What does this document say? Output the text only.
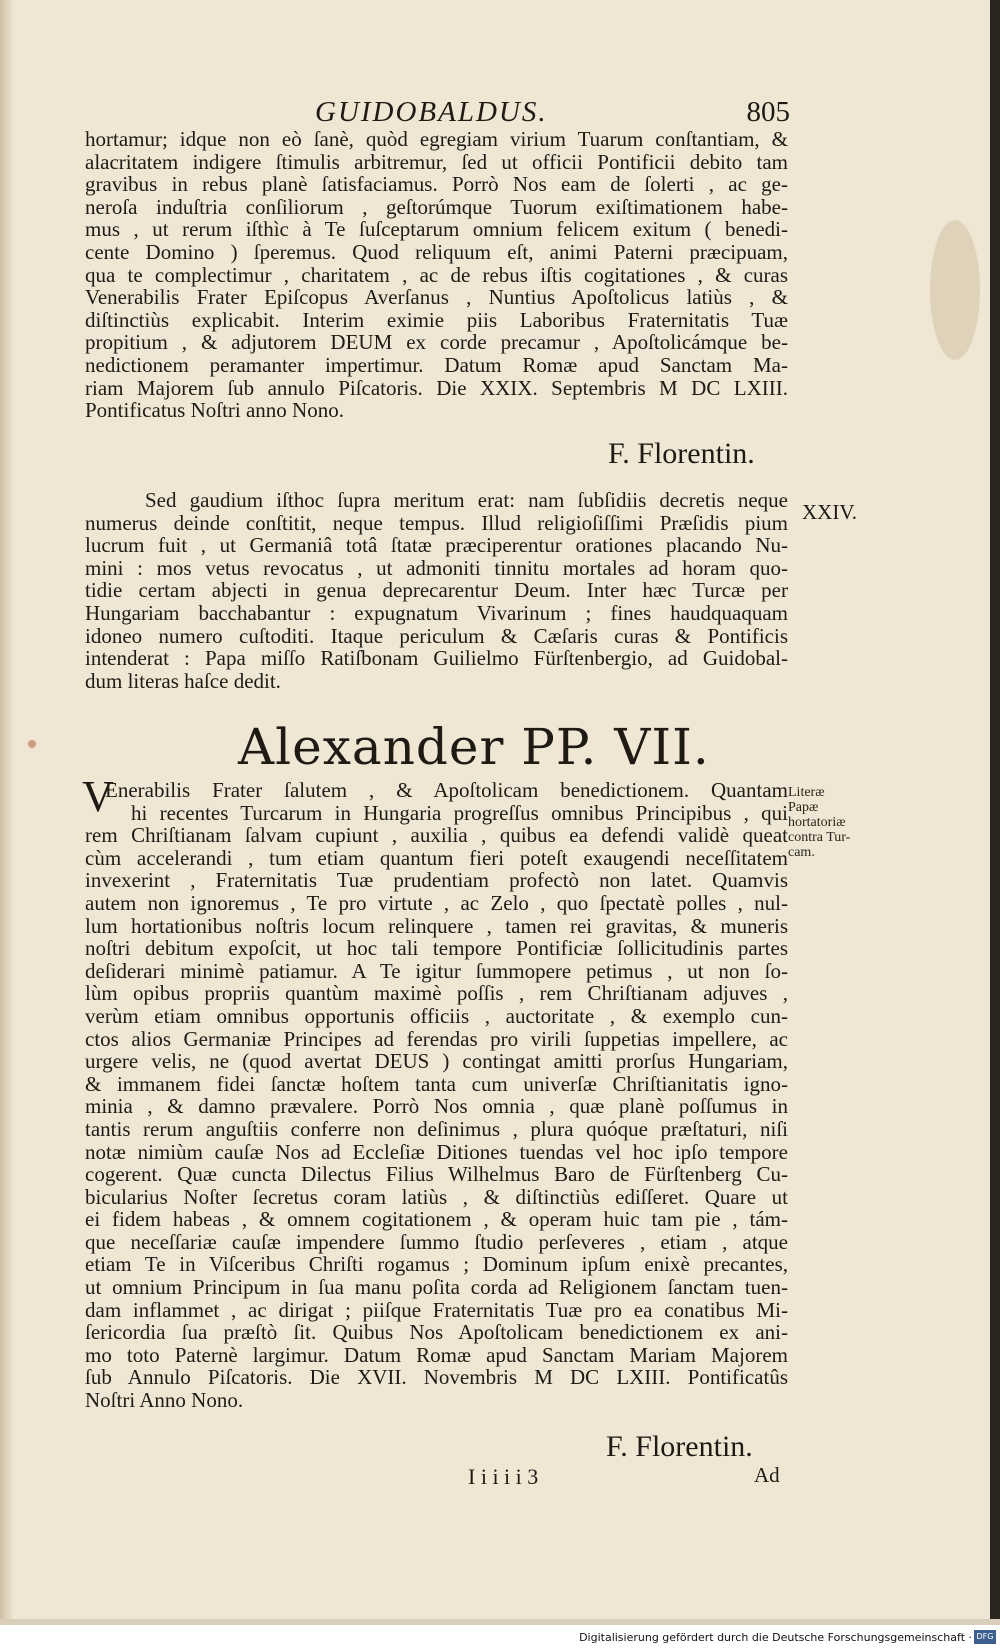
GUIDOBALDUS.	805
hortamur; idque non eò ſanè, quòd egregiam virium Tuarum conſtantiam, &
alacritatem indigere ſtimulis arbitremur, ſed ut officii Pontificii debito tam
gravibus in rebus planè ſatisfaciamus. Porrò Nos eam de ſolerti , ac ge-
neroſa induſtria conſiliorum , geſtorúmque Tuorum exiſtimationem habe-
mus , ut rerum iſthìc à Te ſuſceptarum omnium felicem exitum ( benedi-
cente Domino ) ſperemus. Quod reliquum eſt, animi Paterni præcipuam,
qua te complectimur , charitatem , ac de rebus iſtis cogitationes , & curas
Venerabilis Frater Epiſcopus Averſanus , Nuntius Apoſtolicus latiùs , &
diſtinctiùs explicabit. Interim eximie piis Laboribus Fraternitatis Tuæ
propitium , & adjutorem DEUM ex corde precamur , Apoſtolicámque be-
nedictionem peramanter impertimur. Datum Romæ apud Sanctam Ma-
riam Majorem ſub annulo Piſcatoris. Die XXIX. Septembris M DC LXIII.
Pontificatus Noſtri anno Nono.
F. Florentin.
Sed gaudium iſthoc ſupra meritum erat: nam ſubſidiis decretis neque
numerus deinde conſtitit, neque tempus. Illud religioſiſſimi Præſidis pium
lucrum fuit , ut Germaniâ totâ ſtatæ præciperentur orationes placando Nu-
mini : mos vetus revocatus , ut admoniti tinnitu mortales ad horam quo-
tidie certam abjecti in genua deprecarentur Deum. Inter hæc Turcæ per
Hungariam bacchabantur : expugnatum Vivarinum ; fines haudquaquam
idoneo numero cuſtoditi. Itaque periculum & Cæſaris curas & Pontificis
intenderat : Papa miſſo Ratiſbonam Guilielmo Fürſtenbergio, ad Guidobal-
dum literas haſce dedit.
XXIV.
Alexander PP. VII.
V
Enerabilis Frater ſalutem , & Apoſtolicam benedictionem. Quantam
hi recentes Turcarum in Hungaria progreſſus omnibus Principibus , qui
rem Chriſtianam ſalvam cupiunt , auxilia , quibus ea defendi validè queat
cùm accelerandi , tum etiam quantum fieri poteſt exaugendi neceſſitatem
invexerint , Fraternitatis Tuæ prudentiam profectò non latet. Quamvis
autem non ignoremus , Te pro virtute , ac Zelo , quo ſpectatè polles , nul-
lum hortationibus noſtris locum relinquere , tamen rei gravitas, & muneris
noſtri debitum expoſcit, ut hoc tali tempore Pontificiæ ſollicitudinis partes
deſiderari minimè patiamur. A Te igitur ſummopere petimus , ut non ſo-
lùm opibus propriis quantùm maximè poſſis , rem Chriſtianam adjuves ,
verùm etiam omnibus opportunis officiis , auctoritate , & exemplo cun-
ctos alios Germaniæ Principes ad ferendas pro virili ſuppetias impellere, ac
urgere velis, ne (quod avertat DEUS ) contingat amitti prorſus Hungariam,
& immanem fidei ſanctæ hoſtem tanta cum univerſæ Chriſtianitatis igno-
minia , & damno prævalere. Porrò Nos omnia , quæ planè poſſumus in
tantis rerum anguſtiis conferre non deſinimus , plura quóque præſtaturi, niſi
notæ nimiùm cauſæ Nos ad Eccleſiæ Ditiones tuendas vel hoc ipſo tempore
cogerent. Quæ cuncta Dilectus Filius Wilhelmus Baro de Fürſtenberg Cu-
bicularius Noſter ſecretus coram latiùs , & diſtinctiùs ediſſeret. Quare ut
ei fidem habeas , & omnem cogitationem , & operam huic tam pie , tám-
que neceſſariæ cauſæ impendere ſummo ſtudio perſeveres , etiam , atque
etiam Te in Viſceribus Chriſti rogamus ; Dominum ipſum enixè precantes,
ut omnium Principum in ſua manu poſita corda ad Religionem ſanctam tuen-
dam inflammet , ac dirigat ; piiſque Fraternitatis Tuæ pro ea conatibus Mi-
ſericordia ſua præſtò ſit. Quibus Nos Apoſtolicam benedictionem ex ani-
mo toto Paternè largimur. Datum Romæ apud Sanctam Mariam Majorem
ſub Annulo Piſcatoris. Die XVII. Novembris M DC LXIII. Pontificatûs
Noſtri Anno Nono.
Literæ Papæ
hortatoriæ
contra Tur-
cam.
F. Florentin.
I i i i i 3	Ad
Digitalisierung gefördert durch die Deutsche Forschungsgemeinschaft · DFG
